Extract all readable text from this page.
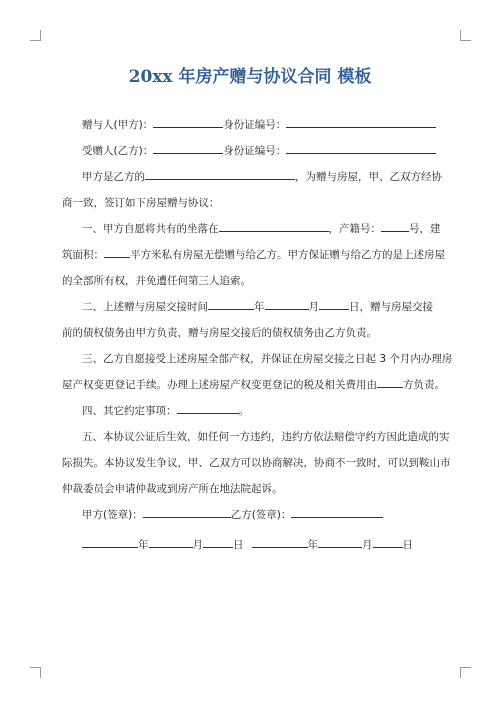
20xx 年房产赠与协议合同 模板
赠与人(甲方)：	身份证编号：
受赠人(乙方)：	身份证编号：
甲方是乙方的	，为赠与房屋，甲、乙双方经协
商一致，签订如下房屋赠与协议：
一、甲方自愿将共有的坐落在	，产籍号：	号，建
筑面积： 平方米私有房屋无偿赠与给乙方。甲方保证赠与给乙方的是上述房屋
的全部所有权，并免遭任何第三人追索。
二、上述赠与房屋交接时间	年	月	日，赠与房屋交接
前的债权债务由甲方负责，赠与房屋交接后的债权债务由乙方负责。
三、乙方自愿接受上述房屋全部产权，并保证在房屋交接之日起 3 个月内办理房
屋产权变更登记手续。办理上述房屋产权变更登记的税及相关费用由 方负责。
四、其它约定事项：	。
五、本协议公证后生效，如任何一方违约，违约方依法赔偿守约方因此造成的实
际损失。本协议发生争议，甲、乙双方可以协商解决，协商不一致时，可以到鞍山市
仲裁委员会申请仲裁或到房产所在地法院起诉。
甲方(签章)：	乙方(签章)：
年	月	日	年	月	日
